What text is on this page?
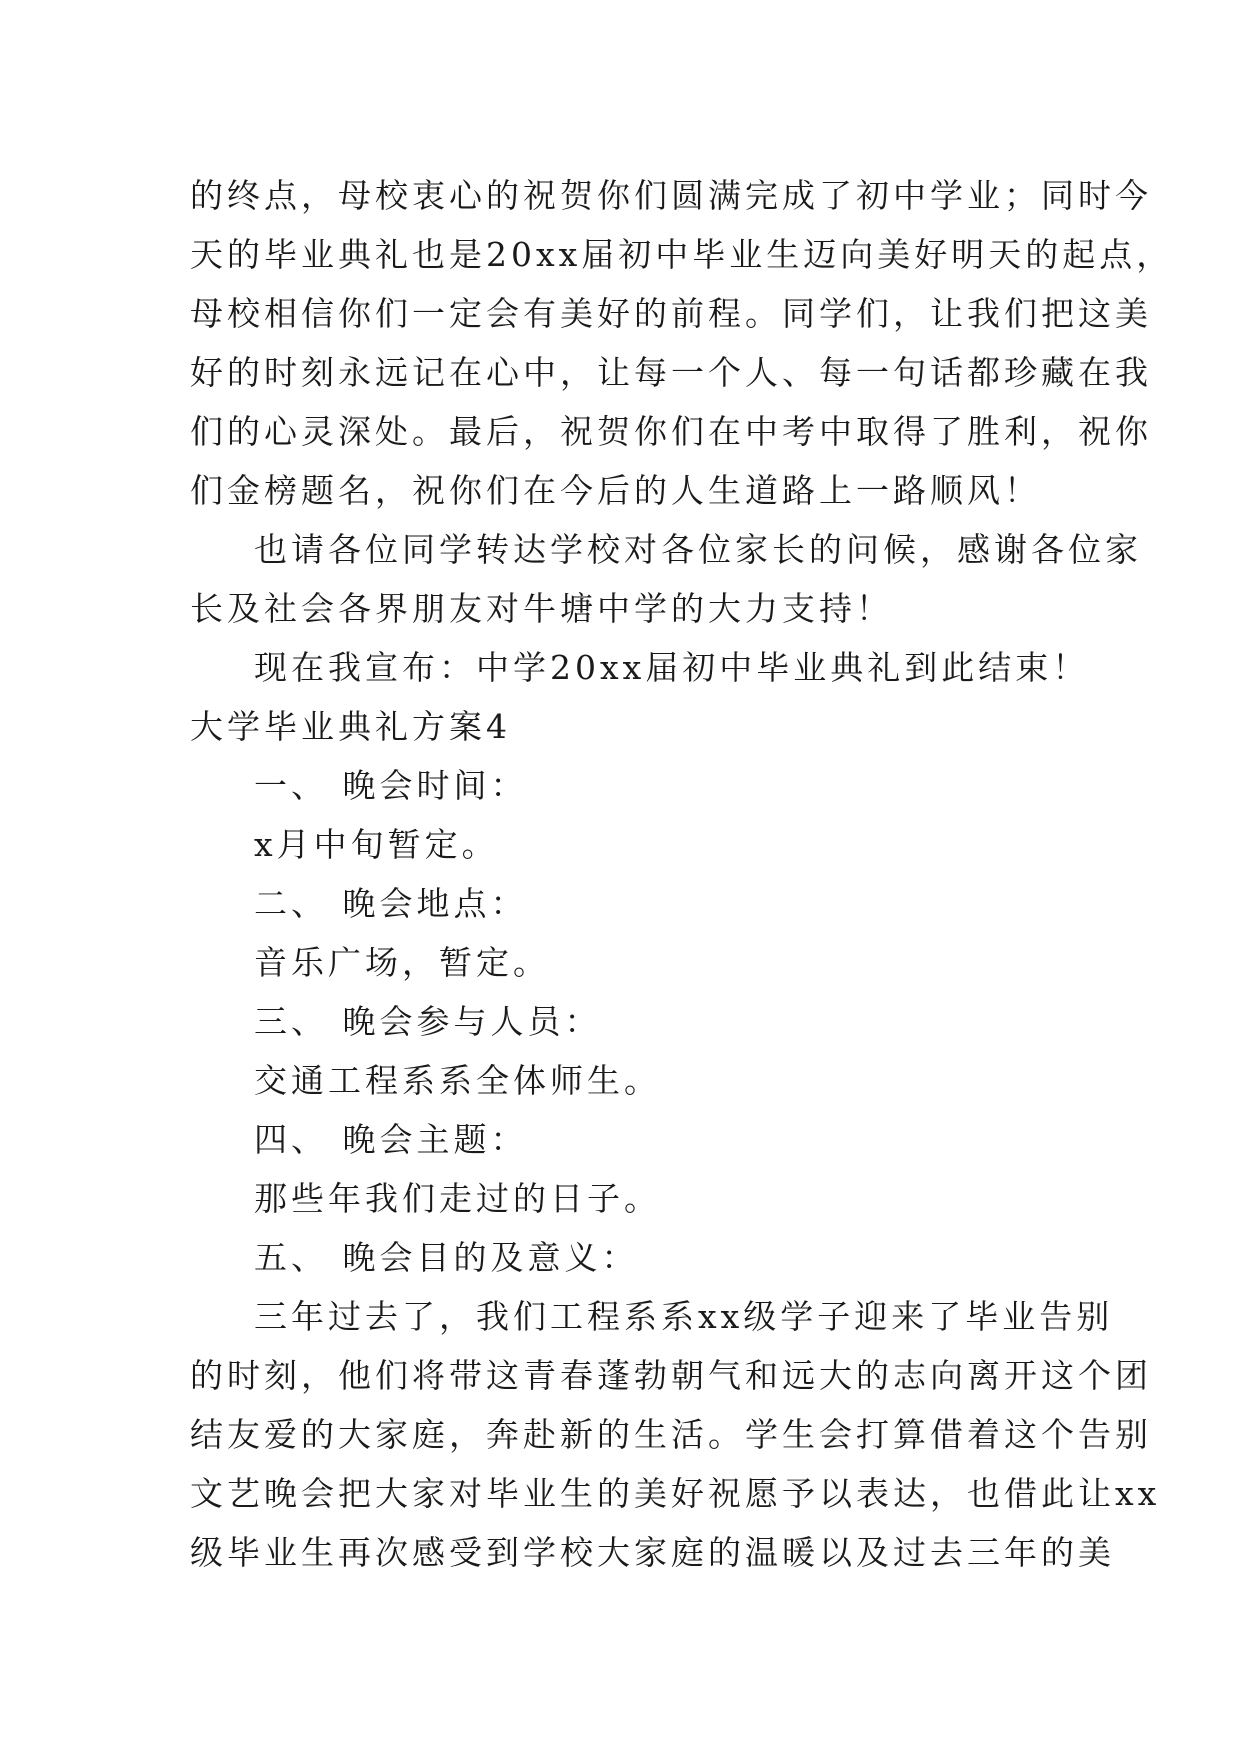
的终点，母校衷心的祝贺你们圆满完成了初中学业；同时今
天的毕业典礼也是20xx届初中毕业生迈向美好明天的起点，
母校相信你们一定会有美好的前程。同学们，让我们把这美
好的时刻永远记在心中，让每一个人、每一句话都珍藏在我
们的心灵深处。最后，祝贺你们在中考中取得了胜利，祝你
们金榜题名，祝你们在今后的人生道路上一路顺风！
也请各位同学转达学校对各位家长的问候，感谢各位家
长及社会各界朋友对牛塘中学的大力支持！
现在我宣布：中学20xx届初中毕业典礼到此结束！
大学毕业典礼方案4
一、 晚会时间：
x月中旬暂定。
二、 晚会地点：
音乐广场，暂定。
三、 晚会参与人员：
交通工程系系全体师生。
四、 晚会主题：
那些年我们走过的日子。
五、 晚会目的及意义：
三年过去了，我们工程系系xx级学子迎来了毕业告别
的时刻，他们将带这青春蓬勃朝气和远大的志向离开这个团
结友爱的大家庭，奔赴新的生活。学生会打算借着这个告别
文艺晚会把大家对毕业生的美好祝愿予以表达，也借此让xx
级毕业生再次感受到学校大家庭的温暖以及过去三年的美
